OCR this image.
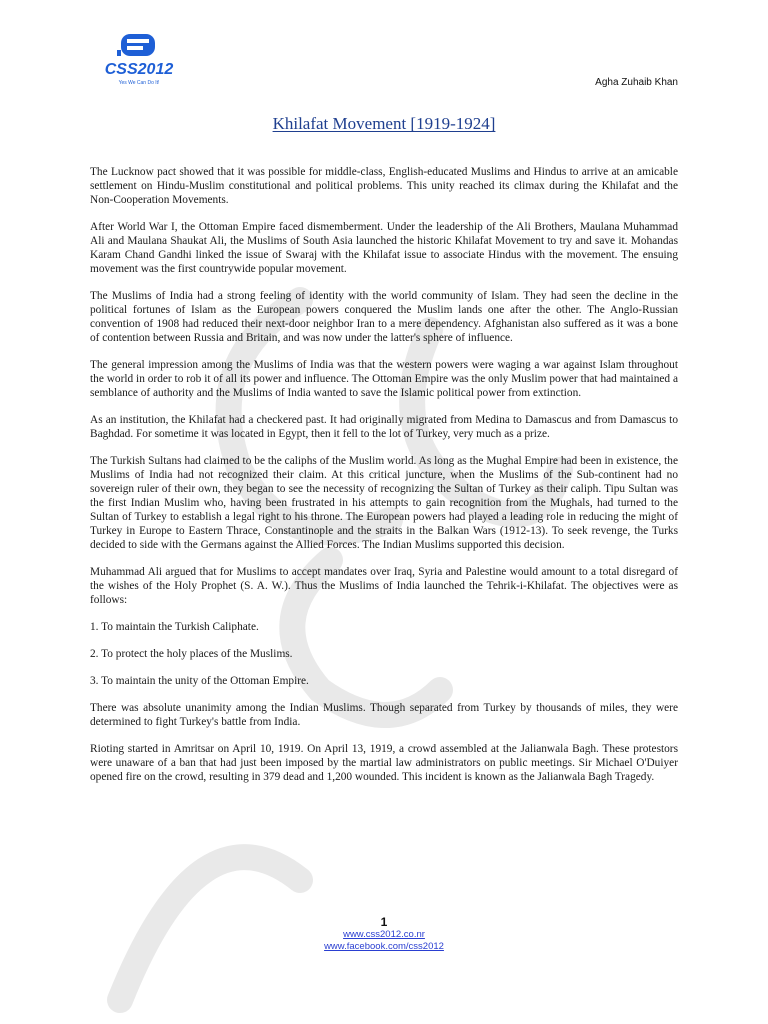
CSS2012
Yes We Can Do It!	Agha Zuhaib Khan
Khilafat Movement [1919-1924]

The Lucknow pact showed that it was possible for middle-class, English-educated Muslims and Hindus to arrive at an amicable settlement on Hindu-Muslim constitutional and political problems. This unity reached its climax during the Khilafat and the Non-Cooperation Movements.

After World War I, the Ottoman Empire faced dismemberment. Under the leadership of the Ali Brothers, Maulana Muhammad Ali and Maulana Shaukat Ali, the Muslims of South Asia launched the historic Khilafat Movement to try and save it. Mohandas Karam Chand Gandhi linked the issue of Swaraj with the Khilafat issue to associate Hindus with the movement. The ensuing movement was the first countrywide popular movement.

The Muslims of India had a strong feeling of identity with the world community of Islam. They had seen the decline in the political fortunes of Islam as the European powers conquered the Muslim lands one after the other. The Anglo-Russian convention of 1908 had reduced their next-door neighbor Iran to a mere dependency. Afghanistan also suffered as it was a bone of contention between Russia and Britain, and was now under the latter's sphere of influence.

The general impression among the Muslims of India was that the western powers were waging a war against Islam throughout the world in order to rob it of all its power and influence. The Ottoman Empire was the only Muslim power that had maintained a semblance of authority and the Muslims of India wanted to save the Islamic political power from extinction.

As an institution, the Khilafat had a checkered past. It had originally migrated from Medina to Damascus and from Damascus to Baghdad. For sometime it was located in Egypt, then it fell to the lot of Turkey, very much as a prize.

The Turkish Sultans had claimed to be the caliphs of the Muslim world. As long as the Mughal Empire had been in existence, the Muslims of India had not recognized their claim. At this critical juncture, when the Muslims of the Sub-continent had no sovereign ruler of their own, they began to see the necessity of recognizing the Sultan of Turkey as their caliph. Tipu Sultan was the first Indian Muslim who, having been frustrated in his attempts to gain recognition from the Mughals, had turned to the Sultan of Turkey to establish a legal right to his throne. The European powers had played a leading role in reducing the might of Turkey in Europe to Eastern Thrace, Constantinople and the straits in the Balkan Wars (1912-13). To seek revenge, the Turks decided to side with the Germans against the Allied Forces. The Indian Muslims supported this decision.

Muhammad Ali argued that for Muslims to accept mandates over Iraq, Syria and Palestine would amount to a total disregard of the wishes of the Holy Prophet (S. A. W.). Thus the Muslims of India launched the Tehrik-i-Khilafat. The objectives were as follows:

1. To maintain the Turkish Caliphate.

2. To protect the holy places of the Muslims.

3. To maintain the unity of the Ottoman Empire.

There was absolute unanimity among the Indian Muslims. Though separated from Turkey by thousands of miles, they were determined to fight Turkey's battle from India.

Rioting started in Amritsar on April 10, 1919. On April 13, 1919, a crowd assembled at the Jalianwala Bagh. These protestors were unaware of a ban that had just been imposed by the martial law administrators on public meetings. Sir Michael O'Duiyer opened fire on the crowd, resulting in 379 dead and 1,200 wounded. This incident is known as the Jalianwala Bagh Tragedy.

1
www.css2012.co.nr
www.facebook.com/css2012
